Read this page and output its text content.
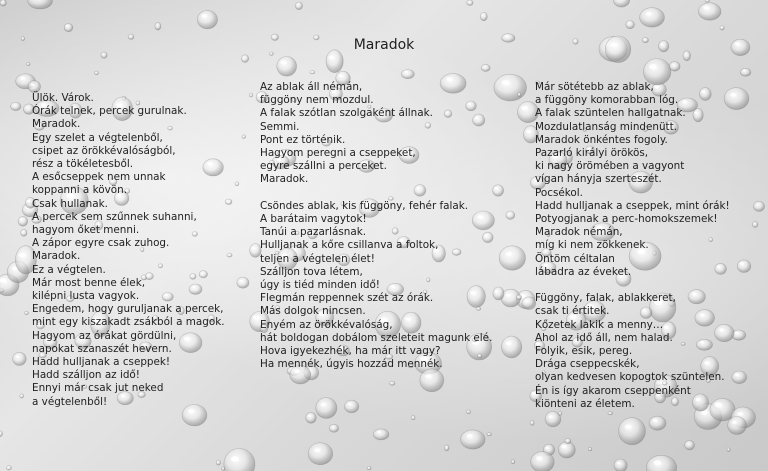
Maradok
Ülök. Várok.
Órák telnek, percek gurulnak.
Maradok.
Egy szelet a végtelenből,
csipet az örökkévalóságból,
rész a tökéletesből.
A esőcseppek nem unnak
koppanni a kövön.
Csak hullanak.
A percek sem szűnnek suhanni,
hagyom őket menni.
A zápor egyre csak zuhog.
Maradok.
Ez a végtelen.
Már most benne élek,
kilépni lusta vagyok.
Engedem, hogy guruljanak a percek,
mint egy kiszakadt zsákból a magok.
Hagyom az órákat gördülni,
napokat szanaszét hevern.
Hadd hulljanak a cseppek!
Hadd szálljon az idő!
Ennyi már csak jut neked
a végtelenből!
Az ablak áll némán,
függöny nem mozdul.
A falak szótlan szolgaként állnak.
Semmi.
Pont ez történik.
Hagyom peregni a cseppeket,
egyre szállni a perceket.
Maradok.
Csöndes ablak, kis függöny, fehér falak.
A barátaim vagytok!
Tanúi a pazarlásnak.
Hulljanak a kőre csillanva a foltok,
teljen a végtelen élet!
Szálljon tova létem,
úgy is tiéd minden idő!
Flegmán reppennek szét az órák.
Más dolgok nincsen.
Enyém az örökkévalóság,
hát boldogan dobálom szeleteit magunk elé.
Hova igyekezhék, ha már itt vagy?
Ha mennék, úgyis hozzád mennék.
Már sötétebb az ablak,
a függöny komorabban lóg.
A falak szüntelen hallgatnak.
Mozdulatlanság mindenütt.
Maradok önkéntes fogoly.
Pazarló királyi örökös,
ki nagy örömében a vagyont
vígan hányja szerteszét.
Pocsékol.
Hadd hulljanak a cseppek, mint órák!
Potyogjanak a perc-homokszemek!
Maradok némán,
míg ki nem zökkenek.
Öntöm céltalan
lábadra az éveket.
Függöny, falak, ablakkeret,
csak ti értitek.
Kőzetek lakik a menny…
Ahol az idő áll, nem halad.
Folyik, esik, pereg.
Drága cseppecskék,
olyan kedvesen kopogtok szüntelen.
Én is így akarom cseppenként
kiönteni az életem.
